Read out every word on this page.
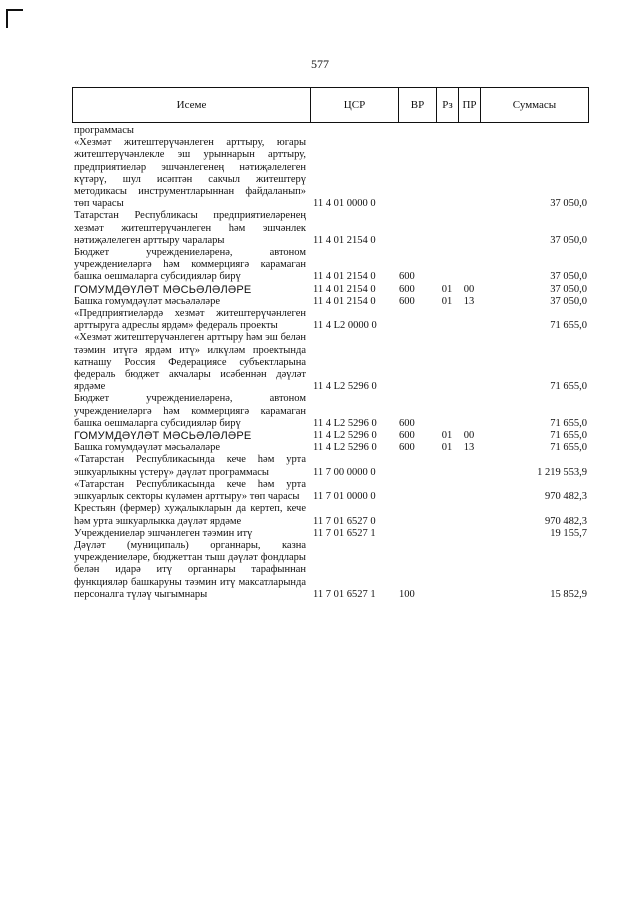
577
Исеме	ЦСР	ВР	Рз	ПР	Суммасы
программасы
«Хезмәт житештерүчәнлеген арттыру, югары житештерүчәнлекле эш урыннарын арттыру, предприятиеләр эшчәнлегенең нәтиҗәлелеген күтәрү, шул исәптән сакчыл житештерү методикасы инструментларыннан файдаланып» төп чарасы	11 4 01 0000 0				37 050,0
Татарстан Республикасы предприятиеләренең хезмәт житештерүчәнлеген һәм эшчәнлек нәтиҗәлелеген арттыру чаралары	11 4 01 2154 0				37 050,0
Бюджет учреждениеләренә, автоном учреждениеләргә һәм коммерциягә карамаган башка оешмаларга субсидияләр бирү	11 4 01 2154 0	600			37 050,0
ГОМУМДӘҮЛӘТ МӘСЬӘЛӘЛӘРЕ	11 4 01 2154 0	600	01	00	37 050,0
Башка гомумдәүләт мәсьәләләре	11 4 01 2154 0	600	01	13	37 050,0
«Предприятиеләрдә хезмәт житештерүчәнлеген арттыруга адреслы ярдәм» федераль проекты	11 4 L2 0000 0				71 655,0
«Хезмәт житештерүчәнлеген арттыру һәм эш белән тәэмин итүгә ярдәм итү» илкүләм проектында катнашу Россия Федерациясе субъектларына федераль бюджет акчалары исәбеннән дәүләт ярдәме	11 4 L2 5296 0				71 655,0
Бюджет учреждениеләренә, автоном учреждениеләргә һәм коммерциягә карамаган башка оешмаларга субсидияләр бирү	11 4 L2 5296 0	600			71 655,0
ГОМУМДӘҮЛӘТ МӘСЬӘЛӘЛӘРЕ	11 4 L2 5296 0	600	01	00	71 655,0
Башка гомумдәүләт мәсьәләләре	11 4 L2 5296 0	600	01	13	71 655,0
«Татарстан Республикасында кече һәм урта эшкуарлыкны үстерү» дәүләт программасы	11 7 00 0000 0				1 219 553,9
«Татарстан Республикасында кече һәм урта эшкуарлык секторы күләмен арттыру» төп чарасы	11 7 01 0000 0				970 482,3
Крестьян (фермер) хуҗалыкларын да кертеп, кече һәм урта эшкуарлыкка дәүләт ярдәме	11 7 01 6527 0				970 482,3
Учреждениеләр эшчәнлеген тәэмин итү	11 7 01 6527 1				19 155,7
Дәүләт (муниципаль) органнары, казна учреждениеләре, бюджеттан тыш дәүләт фондлары белән идарә итү органнары тарафыннан функцияләр башкаруны тәэмин итү максатларында персоналга түләү чыгымнары	11 7 01 6527 1	100			15 852,9
